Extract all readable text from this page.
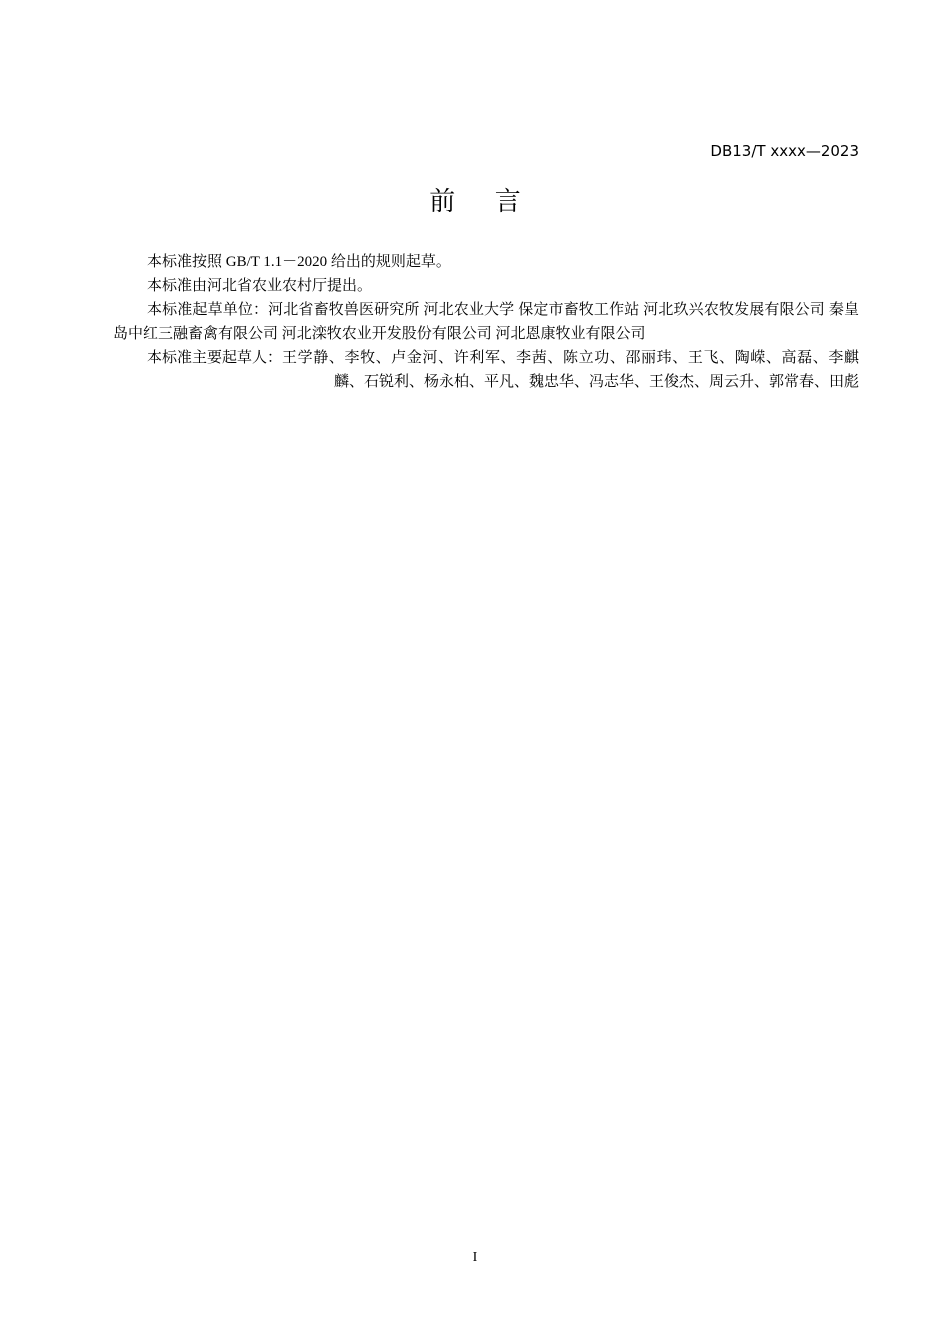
DB13/T xxxx—2023
前 言

本标准按照 GB/T 1.1－2020 给出的规则起草。

本标准由河北省农业农村厅提出。

本标准起草单位：河北省畜牧兽医研究所 河北农业大学 保定市畜牧工作站 河北玖兴农牧发展有限公司 秦皇岛中红三融畜禽有限公司 河北滦牧农业开发股份有限公司 河北恩康牧业有限公司

本标准主要起草人： 王学静、李牧、卢金河、许利军、李茜、陈立功、邵丽玮、王飞、陶嵘、高磊、李麒麟、石锐利、杨永柏、平凡、魏忠华、冯志华、王俊杰、周云升、郭常春、田彪
I
